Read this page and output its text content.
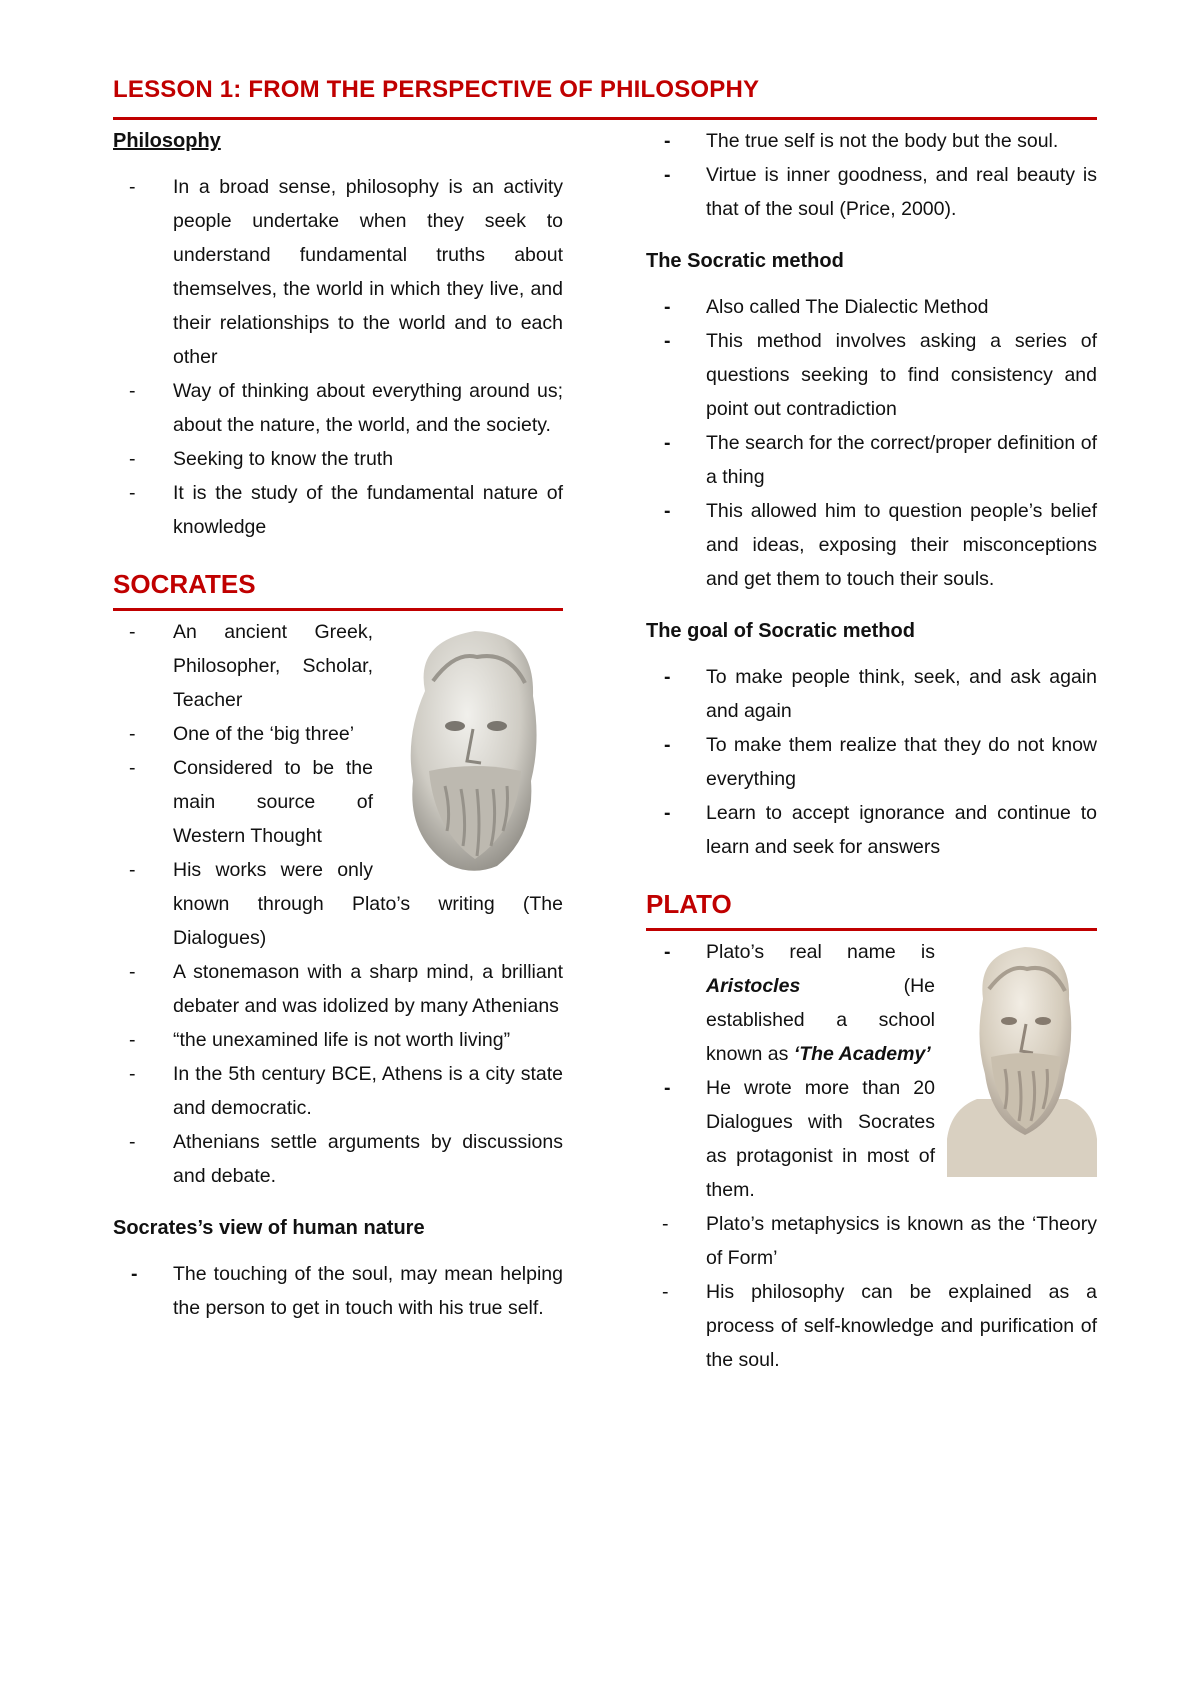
LESSON 1: FROM THE PERSPECTIVE OF PHILOSOPHY

Philosophy

- In a broad sense, philosophy is an activity people undertake when they seek to understand fundamental truths about themselves, the world in which they live, and their relationships to the world and to each other
- Way of thinking about everything around us; about the nature, the world, and the society.
- Seeking to know the truth
- It is the study of the fundamental nature of knowledge

SOCRATES

- An ancient Greek, Philosopher, Scholar, Teacher
- One of the ‘big three’
- Considered to be the main source of Western Thought
- His works were only known through Plato’s writing (The Dialogues)
- A stonemason with a sharp mind, a brilliant debater and was idolized by many Athenians
- “the unexamined life is not worth living”
- In the 5th century BCE, Athens is a city state and democratic.
- Athenians settle arguments by discussions and debate.

Socrates’s view of human nature

- The touching of the soul, may mean helping the person to get in touch with his true self.
- The true self is not the body but the soul.
- Virtue is inner goodness, and real beauty is that of the soul (Price, 2000).

The Socratic method

- Also called The Dialectic Method
- This method involves asking a series of questions seeking to find consistency and point out contradiction
- The search for the correct/proper definition of a thing
- This allowed him to question people’s belief and ideas, exposing their misconceptions and get them to touch their souls.

The goal of Socratic method

- To make people think, seek, and ask again and again
- To make them realize that they do not know everything
- Learn to accept ignorance and continue to learn and seek for answers

PLATO

- Plato’s real name is Aristocles (He established a school known as ‘The Academy’
- He wrote more than 20 Dialogues with Socrates as protagonist in most of them.
- Plato’s metaphysics is known as the ‘Theory of Form’
- His philosophy can be explained as a process of self-knowledge and purification of the soul.
